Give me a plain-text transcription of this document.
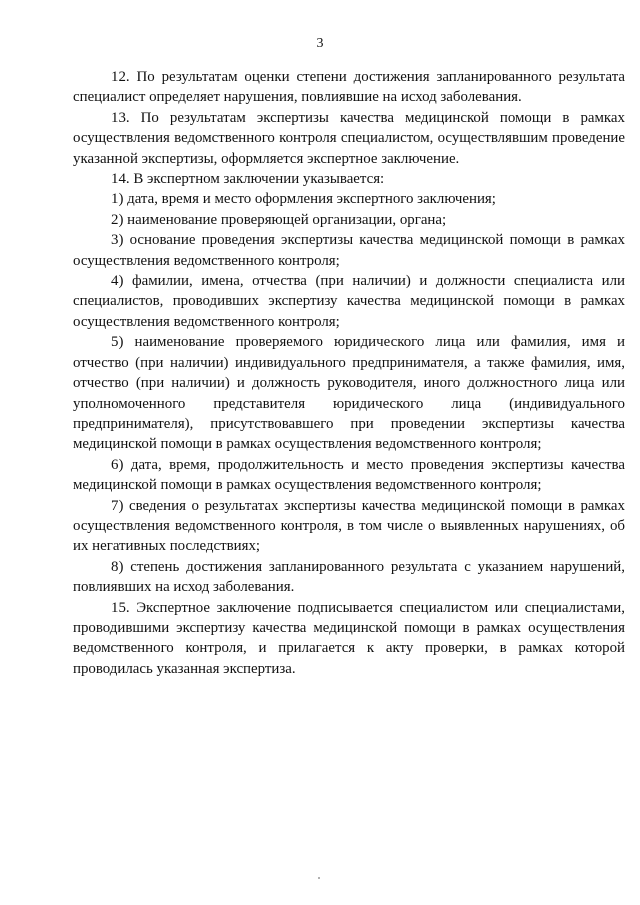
3

12. По результатам оценки степени достижения запланированного результата специалист определяет нарушения, повлиявшие на исход заболевания.

13. По результатам экспертизы качества медицинской помощи в рамках осуществления ведомственного контроля специалистом, осуществлявшим проведение указанной экспертизы, оформляется экспертное заключение.

14. В экспертном заключении указывается:

1) дата, время и место оформления экспертного заключения;

2) наименование проверяющей организации, органа;

3) основание проведения экспертизы качества медицинской помощи в рамках осуществления ведомственного контроля;

4) фамилии, имена, отчества (при наличии) и должности специалиста или специалистов, проводивших экспертизу качества медицинской помощи в рамках осуществления ведомственного контроля;

5) наименование проверяемого юридического лица или фамилия, имя и отчество (при наличии) индивидуального предпринимателя, а также фамилия, имя, отчество (при наличии) и должность руководителя, иного должностного лица или уполномоченного представителя юридического лица (индивидуального предпринимателя), присутствовавшего при проведении экспертизы качества медицинской помощи в рамках осуществления ведомственного контроля;

6) дата, время, продолжительность и место проведения экспертизы качества медицинской помощи в рамках осуществления ведомственного контроля;

7) сведения о результатах экспертизы качества медицинской помощи в рамках осуществления ведомственного контроля, в том числе о выявленных нарушениях, об их негативных последствиях;

8) степень достижения запланированного результата с указанием нарушений, повлиявших на исход заболевания.

15. Экспертное заключение подписывается специалистом или специалистами, проводившими экспертизу качества медицинской помощи в рамках осуществления ведомственного контроля, и прилагается к акту проверки, в рамках которой проводилась указанная экспертиза.
